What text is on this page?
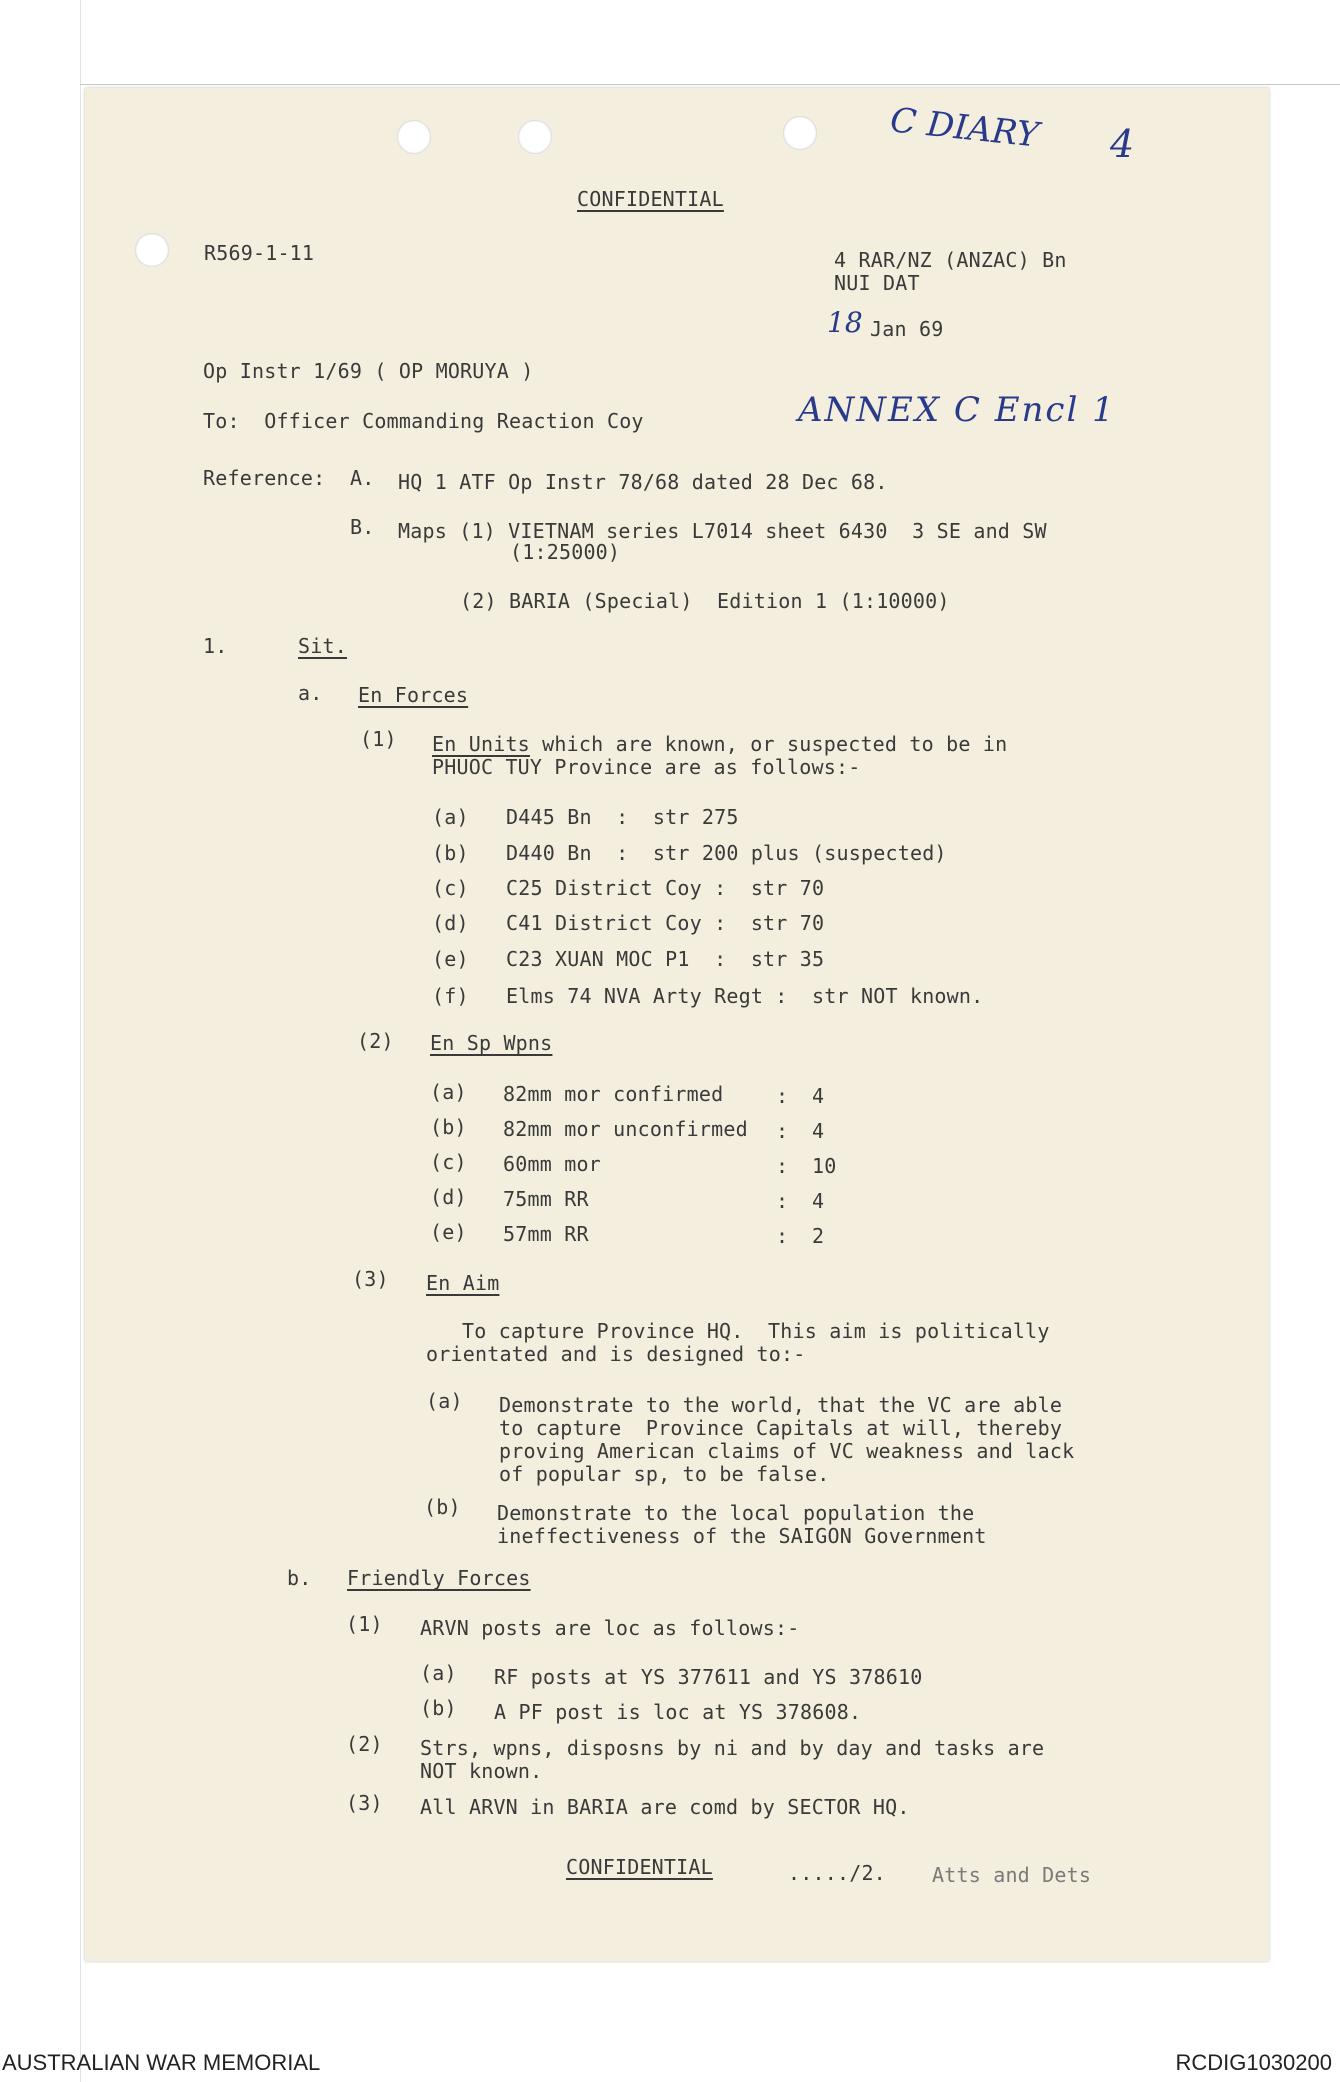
C DIARY 4
18
ANNEX C Encl 1
CONFIDENTIAL
R569-1-11	4 RAR/NZ (ANZAC) Bn
NUI DAT
Jan 69
Op Instr 1/69 ( OP MORUYA )
To:  Officer Commanding Reaction Coy
Reference: A. HQ 1 ATF Op Instr 78/68 dated 28 Dec 68.
B. Maps (1) VIETNAM series L7014 sheet 6430  3 SE and SW
(1:25000)
(2) BARIA (Special)  Edition 1 (1:10000)
1.	Sit.
a. En Forces
(1) En Units which are known, or suspected to be in
PHUOC TUY Province are as follows:-
(a) D445 Bn  :  str 275
(b) D440 Bn  :  str 200 plus (suspected)
(c) C25 District Coy :  str 70
(d) C41 District Coy :  str 70
(e) C23 XUAN MOC P1  :  str 35
(f) Elms 74 NVA Arty Regt :  str NOT known.
(2) En Sp Wpns
(a) 82mm mor confirmed	: 4
(b) 82mm mor unconfirmed : 4
(c) 60mm mor	: 10
(d) 75mm RR	: 4
(e) 57mm RR	: 2
(3) En Aim
To capture Province HQ.  This aim is politically
orientated and is designed to:-
(a) Demonstrate to the world, that the VC are able
to capture  Province Capitals at will, thereby
proving American claims of VC weakness and lack
of popular sp, to be false.
(b) Demonstrate to the local population the
ineffectiveness of the SAIGON Government
b. Friendly Forces
(1) ARVN posts are loc as follows:-
(a) RF posts at YS 377611 and YS 378610
(b) A PF post is loc at YS 378608.
(2) Strs, wpns, disposns by ni and by day and tasks are
NOT known.
(3) All ARVN in BARIA are comd by SECTOR HQ.
CONFIDENTIAL	...../2. Atts and Dets
AUSTRALIAN WAR MEMORIAL	RCDIG1030200
